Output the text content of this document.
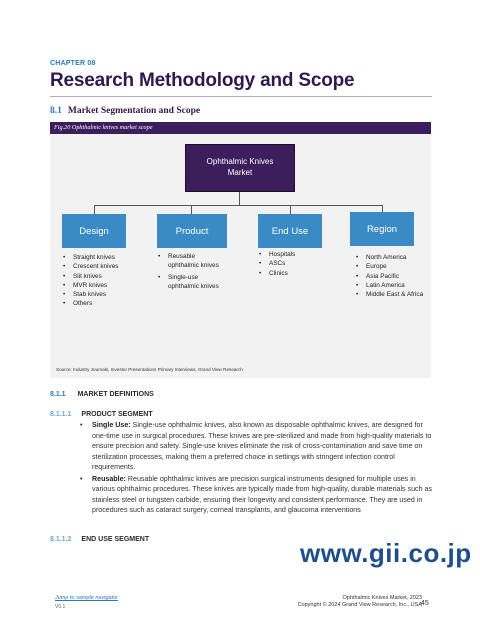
CHAPTER 08
Research Methodology and Scope
8.1 Market Segmentation and Scope
Fig.20 Ophthalmic knives market scope
Ophthalmic Knives Market
Design	Product	End Use	Region
• Straight knives
• Crescent knives
• Slit knives
• MVR knives
• Stab knives
• Others
• Reusable ophthalmic knives
• Single-use ophthalmic knives
• Hospitals
• ASCs
• Clinics
• North America
• Europe
• Asia Pacific
• Latin America
• Middle East & Africa
Source: Industry Journals, Investor Presentations Primary Interviews, Grand View Research
8.1.1 MARKET DEFINITIONS
8.1.1.1 PRODUCT SEGMENT
• Single Use: Single-use ophthalmic knives, also known as disposable ophthalmic knives, are designed for one-time use in surgical procedures. These knives are pre-sterilized and made from high-quality materials to ensure precision and safety. Single-use knives eliminate the risk of cross-contamination and save time on sterilization processes, making them a preferred choice in settings with stringent infection control requirements.
• Reusable: Reusable ophthalmic knives are precision surgical instruments designed for multiple uses in various ophthalmic procedures. These knives are typically made from high-quality, durable materials such as stainless steel or tungsten carbide, ensuring their longevity and consistent performance. They are used in procedures such as cataract surgery, corneal transplants, and glaucoma interventions
8.1.1.2 END USE SEGMENT	www.gii.co.jp
Jump to sample navigator
V0.1
Ophthalmic Knives Market, 2023
Copyright © 2024 Grand View Research, Inc., USA 45
